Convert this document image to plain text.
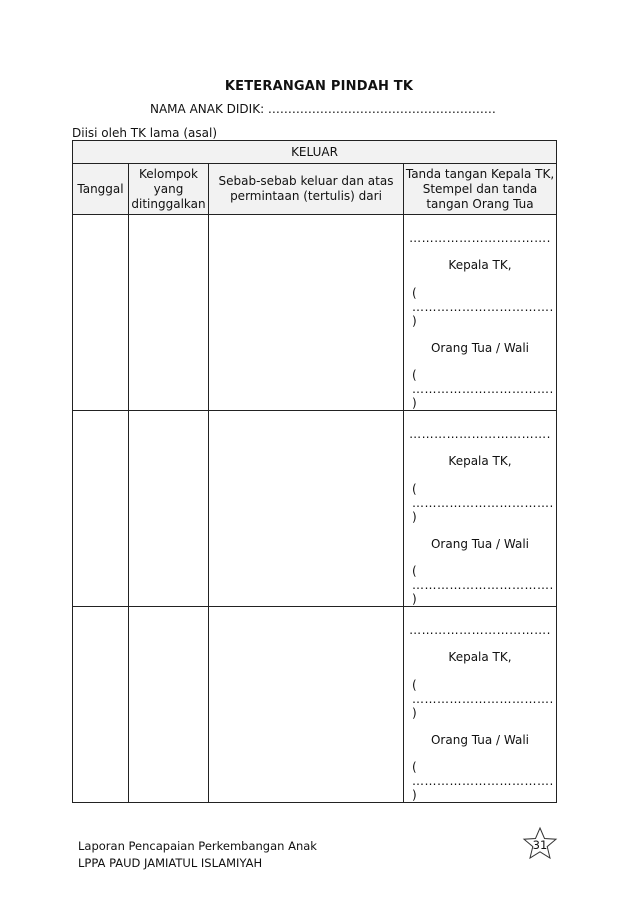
KETERANGAN PINDAH TK
NAMA ANAK DIDIK: …………………………………………………
Diisi oleh TK lama (asal)
KELUAR			
Tanggal	Kelompok yang ditinggalkan	Sebab-sebab keluar dan atas permintaan (tertulis) dari	Tanda tangan Kepala TK, Stempel dan tanda tangan Orang Tua

			…………………………….
Kepala TK,
( ……………………………. )
Orang Tua / Wali
( ……………………………. )

			…………………………….
Kepala TK,
( ……………………………. )
Orang Tua / Wali
( ……………………………. )

			…………………………….
Kepala TK,
( ……………………………. )
Orang Tua / Wali
( ……………………………. )
Laporan Pencapaian Perkembangan Anak
LPPA PAUD JAMIATUL ISLAMIYAH
31
